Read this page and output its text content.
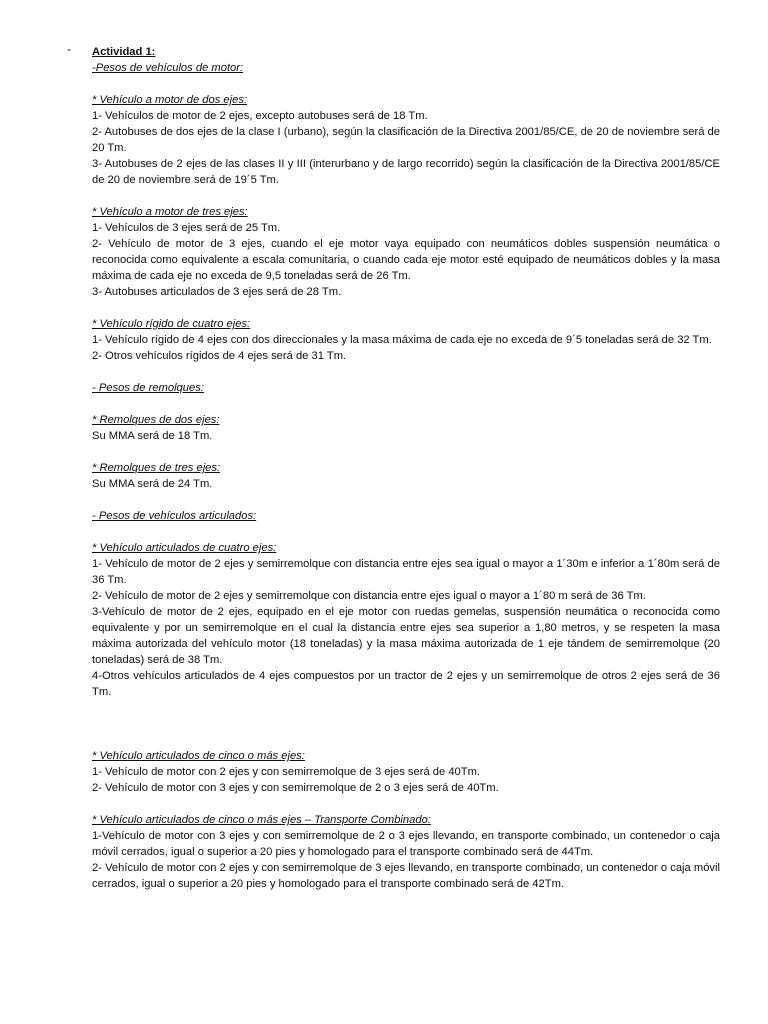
- Actividad 1:
-Pesos de vehículos de motor:
* Vehículo a motor de dos ejes:

1- Vehículos de motor de 2 ejes, excepto autobuses será de 18 Tm.

2- Autobuses de dos ejes de la clase I (urbano), según la clasificación de la Directiva 2001/85/CE, de 20 de noviembre será de 20 Tm.

3- Autobuses de 2 ejes de las clases II y III (interurbano y de largo recorrido) según la clasificación de la Directiva 2001/85/CE de 20 de noviembre será de 19´5 Tm.

* Vehículo a motor de tres ejes:

1- Vehículos de 3 ejes será de 25 Tm.

2- Vehículo de motor de 3 ejes, cuando el eje motor vaya equipado con neumáticos dobles suspensión neumática o reconocida como equivalente a escala comunitaria, o cuando cada eje motor esté equipado de neumáticos dobles y la masa máxima de cada eje no exceda de 9,5 toneladas será de 26 Tm.

3- Autobuses articulados de 3 ejes será de 28 Tm.

* Vehículo rígido de cuatro ejes:

1- Vehículo rígido de 4 ejes con dos direccionales y la masa máxima de cada eje no exceda de 9´5 toneladas será de 32 Tm.

2- Otros vehículos rígidos de 4 ejes será de 31 Tm.

- Pesos de remolques:
* Remolques de dos ejes:

Su MMA será de 18 Tm.

* Remolques de tres ejes:

Su MMA será de 24 Tm.

- Pesos de vehículos articulados:
* Vehículo articulados de cuatro ejes:

1- Vehículo de motor de 2 ejes y semirremolque con distancia entre ejes sea igual o mayor a 1´30m e inferior a 1´80m será de 36 Tm.

2- Vehículo de motor de 2 ejes y semirremolque con distancia entre ejes igual o mayor a 1´80 m será de 36 Tm.

3-Vehículo de motor de 2 ejes, equipado en el eje motor con ruedas gemelas, suspensión neumática o reconocida como equivalente y por un semirremolque en el cual la distancia entre ejes sea superior a 1,80 metros, y se respeten la masa máxima autorizada del vehículo motor (18 toneladas) y la masa máxima autorizada de 1 eje tándem de semirremolque (20 toneladas) será de 38 Tm.

4-Otros vehículos articulados de 4 ejes compuestos por un tractor de 2 ejes y un semirremolque de otros 2 ejes será de 36 Tm.

* Vehículo articulados de cinco o más ejes:

1- Vehículo de motor con 2 ejes y con semirremolque de 3 ejes será de 40Tm.

2- Vehículo de motor con 3 ejes y con semirremolque de 2 o 3 ejes será de 40Tm.

* Vehículo articulados de cinco o más ejes – Transporte Combinado:

1-Vehículo de motor con 3 ejes y con semirremolque de 2 o 3 ejes llevando, en transporte combinado, un contenedor o caja móvil cerrados, igual o superior a 20 pies y homologado para el transporte combinado será de 44Tm.

2- Vehículo de motor con 2 ejes y con semirremolque de 3 ejes llevando, en transporte combinado, un contenedor o caja móvil cerrados, igual o superior a 20 pies y homologado para el transporte combinado será de 42Tm.
